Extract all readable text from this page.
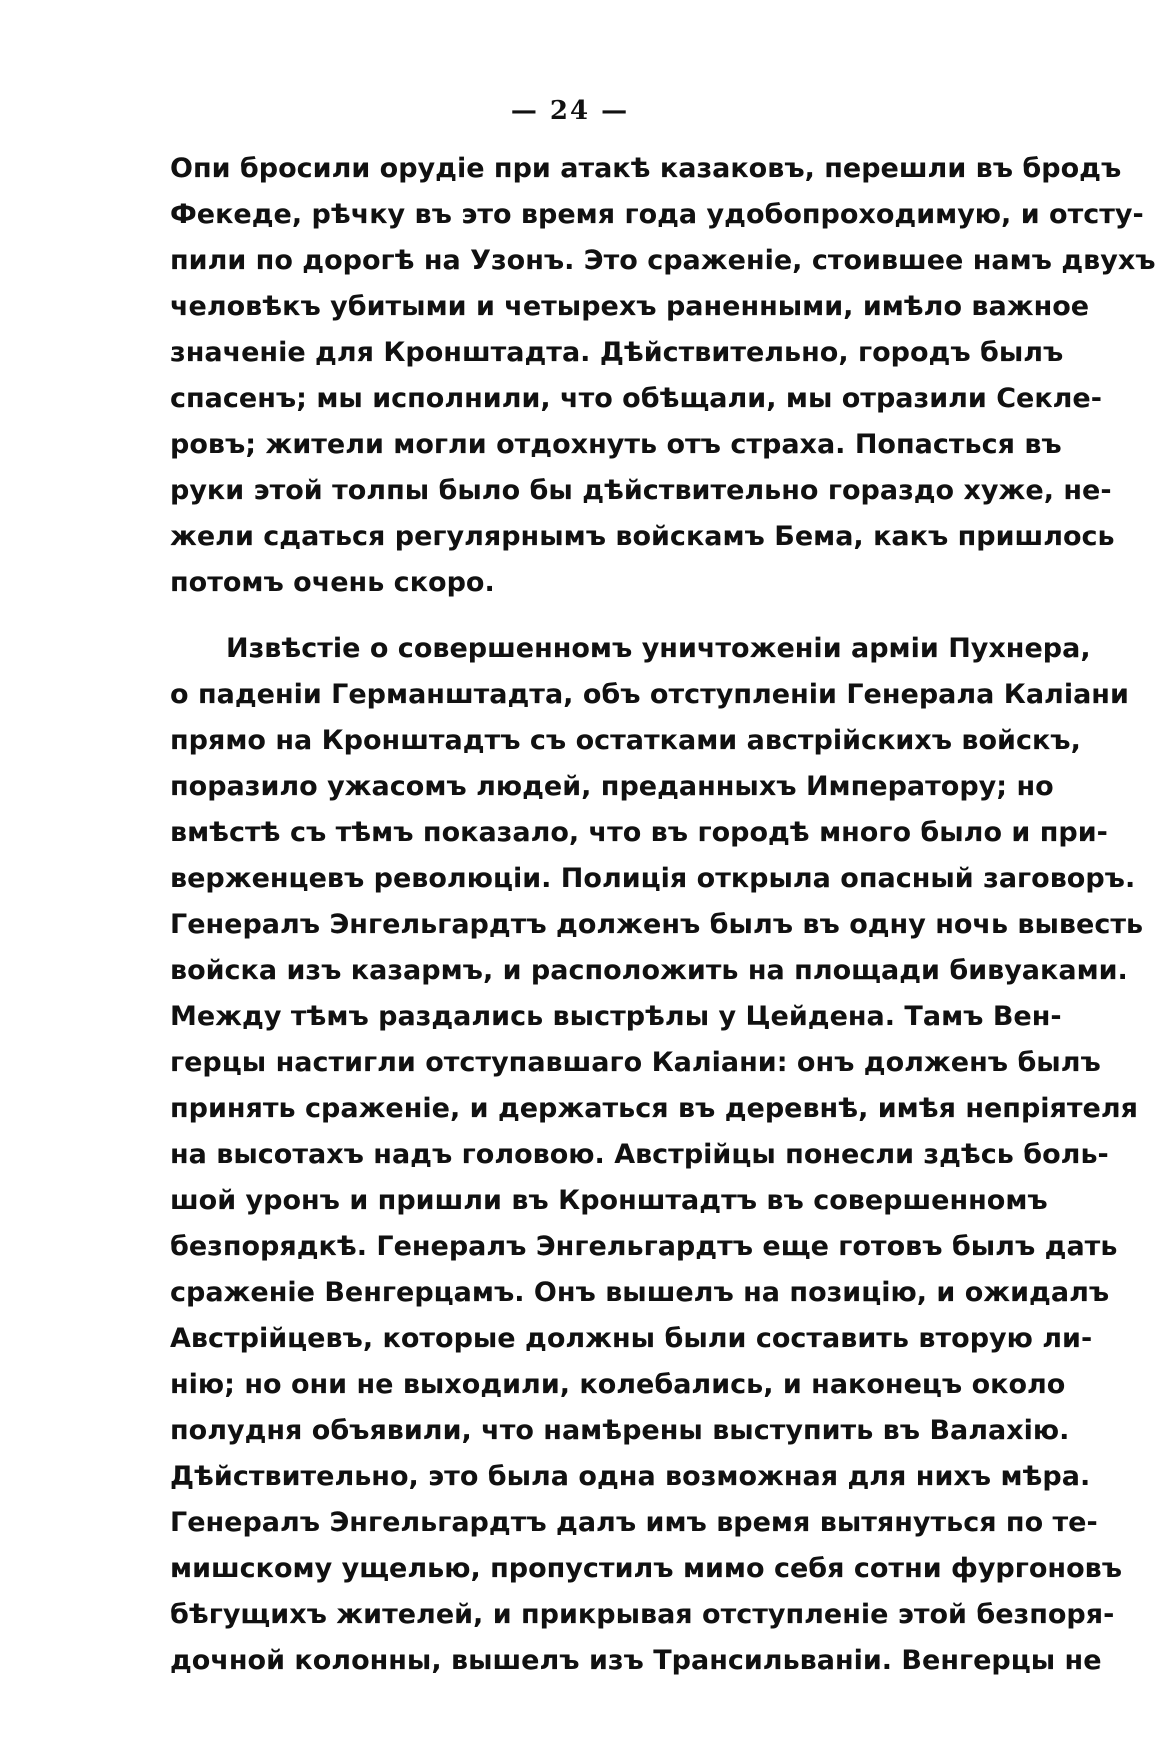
— 24 —
Опи бросили орудіе при атакѣ казаковъ, перешли въ бродъ
Фекеде, рѣчку въ это время года удобопроходимую, и отсту-
пили по дорогѣ на Узонъ. Это сраженіе, стоившее намъ двухъ
человѣкъ убитыми и четырехъ раненными, имѣло важное
значеніе для Кронштадта. Дѣйствительно, городъ былъ
спасенъ; мы исполнили, что обѣщали, мы отразили Секле-
ровъ; жители могли отдохнуть отъ страха. Попасться въ
руки этой толпы было бы дѣйствительно гораздо хуже, не-
жели сдаться регулярнымъ войскамъ Бема, какъ пришлось
потомъ очень скоро.
Извѣстіе о совершенномъ уничтоженіи арміи Пухнера,
о паденіи Германштадта, объ отступленіи Генерала Каліани
прямо на Кронштадтъ съ остатками австрійскихъ войскъ,
поразило ужасомъ людей, преданныхъ Императору; но
вмѣстѣ съ тѣмъ показало, что въ городѣ много было и при-
верженцевъ революціи. Полиція открыла опасный заговоръ.
Генералъ Энгельгардтъ долженъ былъ въ одну ночь вывесть
войска изъ казармъ, и расположить на площади бивуаками.
Между тѣмъ раздались выстрѣлы у Цейдена. Тамъ Вен-
герцы настигли отступавшаго Каліани: онъ долженъ былъ
принять сраженіе, и держаться въ деревнѣ, имѣя непріятеля
на высотахъ надъ головою. Австрійцы понесли здѣсь боль-
шой уронъ и пришли въ Кронштадтъ въ совершенномъ
безпорядкѣ. Генералъ Энгельгардтъ еще готовъ былъ дать
сраженіе Венгерцамъ. Онъ вышелъ на позицію, и ожидалъ
Австрійцевъ, которые должны были составить вторую ли-
нію; но они не выходили, колебались, и наконецъ около
полудня объявили, что намѣрены выступить въ Валахію.
Дѣйствительно, это была одна возможная для нихъ мѣра.
Генералъ Энгельгардтъ далъ имъ время вытянуться по те-
мишскому ущелью, пропустилъ мимо себя сотни фургоновъ
бѣгущихъ жителей, и прикрывая отступленіе этой безпоря-
дочной колонны, вышелъ изъ Трансильваніи. Венгерцы не
